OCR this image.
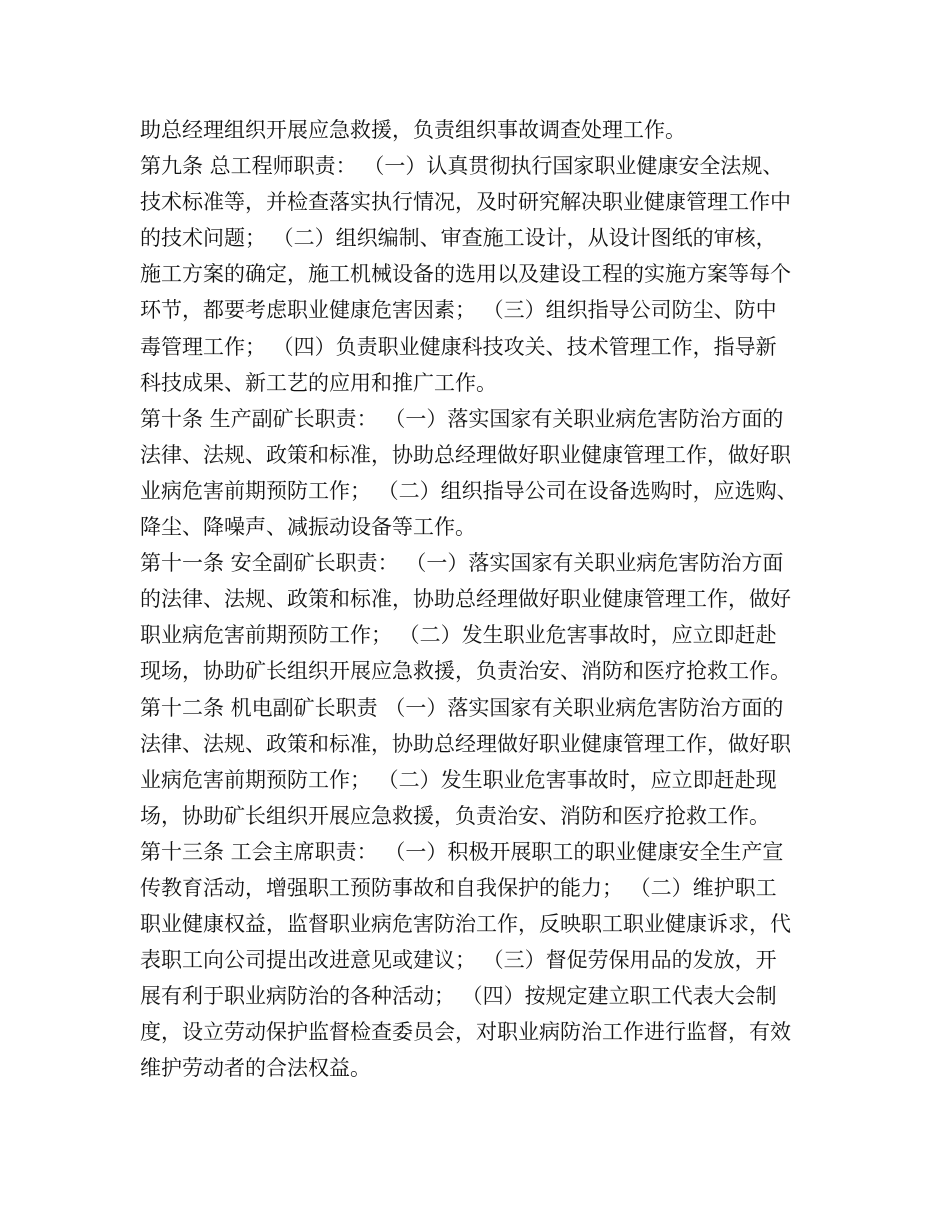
助总经理组织开展应急救援，负责组织事故调查处理工作。
第九条 总工程师职责： （一）认真贯彻执行国家职业健康安全法规、
技术标准等，并检查落实执行情况，及时研究解决职业健康管理工作中
的技术问题； （二）组织编制、审查施工设计，从设计图纸的审核，
施工方案的确定，施工机械设备的选用以及建设工程的实施方案等每个
环节，都要考虑职业健康危害因素； （三）组织指导公司防尘、防中
毒管理工作； （四）负责职业健康科技攻关、技术管理工作，指导新
科技成果、新工艺的应用和推广工作。
第十条 生产副矿长职责： （一）落实国家有关职业病危害防治方面的
法律、法规、政策和标准，协助总经理做好职业健康管理工作，做好职
业病危害前期预防工作； （二）组织指导公司在设备选购时，应选购、
降尘、降噪声、减振动设备等工作。
第十一条 安全副矿长职责： （一）落实国家有关职业病危害防治方面
的法律、法规、政策和标准，协助总经理做好职业健康管理工作，做好
职业病危害前期预防工作； （二）发生职业危害事故时，应立即赶赴
现场，协助矿长组织开展应急救援，负责治安、消防和医疗抢救工作。
第十二条 机电副矿长职责 （一）落实国家有关职业病危害防治方面的
法律、法规、政策和标准，协助总经理做好职业健康管理工作，做好职
业病危害前期预防工作； （二）发生职业危害事故时，应立即赶赴现
场，协助矿长组织开展应急救援，负责治安、消防和医疗抢救工作。
第十三条 工会主席职责： （一）积极开展职工的职业健康安全生产宣
传教育活动，增强职工预防事故和自我保护的能力； （二）维护职工
职业健康权益，监督职业病危害防治工作，反映职工职业健康诉求，代
表职工向公司提出改进意见或建议； （三）督促劳保用品的发放，开
展有利于职业病防治的各种活动； （四）按规定建立职工代表大会制
度，设立劳动保护监督检查委员会，对职业病防治工作进行监督，有效
维护劳动者的合法权益。
